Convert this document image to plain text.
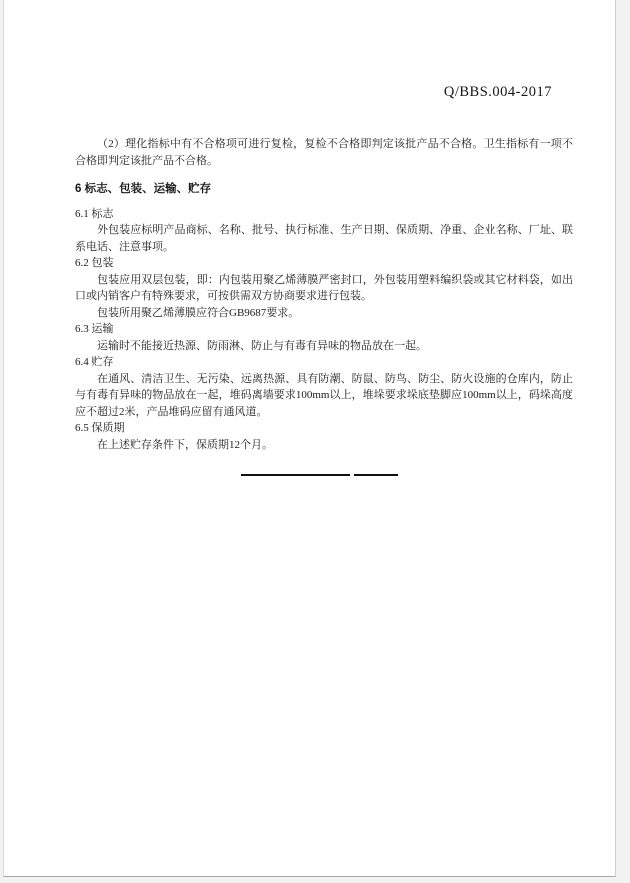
Q/BBS.004-2017

（2）理化指标中有不合格项可进行复检，复检不合格即判定该批产品不合格。卫生指标有一项不合格即判定该批产品不合格。

6 标志、包装、运输、贮存

6.1 标志

外包装应标明产品商标、名称、批号、执行标准、生产日期、保质期、净重、企业名称、厂址、联系电话、注意事项。

6.2 包装

包装应用双层包装，即：内包装用聚乙烯薄膜严密封口，外包装用塑料编织袋或其它材料袋，如出口或内销客户有特殊要求，可按供需双方协商要求进行包装。

包装所用聚乙烯薄膜应符合GB9687要求。

6.3 运输

运输时不能接近热源、防雨淋、防止与有毒有异味的物品放在一起。

6.4 贮存

在通风、清洁卫生、无污染、远离热源、具有防潮、防鼠、防鸟、防尘、防火设施的仓库内，防止与有毒有异味的物品放在一起，堆码离墙要求100mm以上，堆垛要求垛底垫脚应100mm以上，码垛高度应不超过2米，产品堆码应留有通风道。

6.5 保质期

在上述贮存条件下，保质期12个月。
